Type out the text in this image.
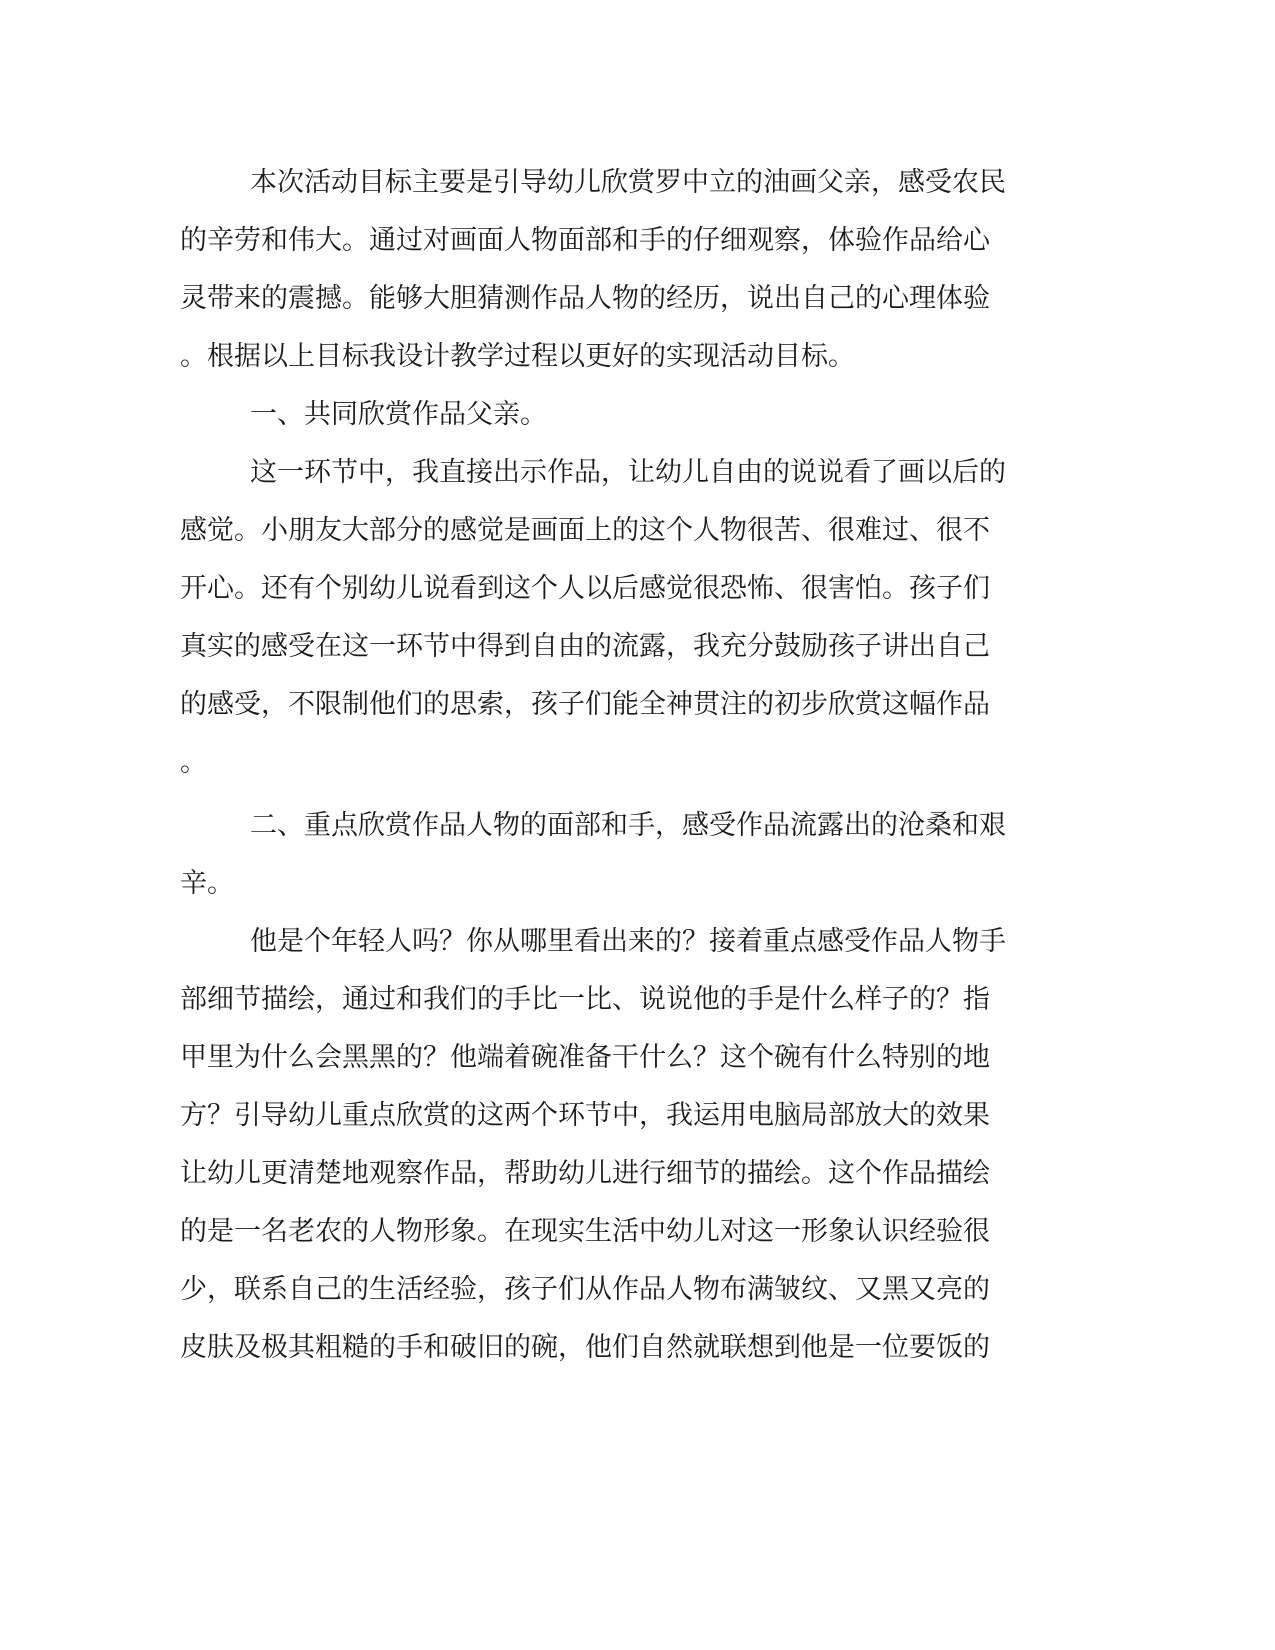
本次活动目标主要是引导幼儿欣赏罗中立的油画父亲，感受农民
的辛劳和伟大。通过对画面人物面部和手的仔细观察，体验作品给心
灵带来的震撼。能够大胆猜测作品人物的经历，说出自己的心理体验
。根据以上目标我设计教学过程以更好的实现活动目标。
一、共同欣赏作品父亲。
这一环节中，我直接出示作品，让幼儿自由的说说看了画以后的
感觉。小朋友大部分的感觉是画面上的这个人物很苦、很难过、很不
开心。还有个别幼儿说看到这个人以后感觉很恐怖、很害怕。孩子们
真实的感受在这一环节中得到自由的流露，我充分鼓励孩子讲出自己
的感受，不限制他们的思索，孩子们能全神贯注的初步欣赏这幅作品
。
二、重点欣赏作品人物的面部和手，感受作品流露出的沧桑和艰
辛。
他是个年轻人吗？你从哪里看出来的？接着重点感受作品人物手
部细节描绘，通过和我们的手比一比、说说他的手是什么样子的？指
甲里为什么会黑黑的？他端着碗准备干什么？这个碗有什么特别的地
方？引导幼儿重点欣赏的这两个环节中，我运用电脑局部放大的效果
让幼儿更清楚地观察作品，帮助幼儿进行细节的描绘。这个作品描绘
的是一名老农的人物形象。在现实生活中幼儿对这一形象认识经验很
少，联系自己的生活经验，孩子们从作品人物布满皱纹、又黑又亮的
皮肤及极其粗糙的手和破旧的碗，他们自然就联想到他是一位要饭的
